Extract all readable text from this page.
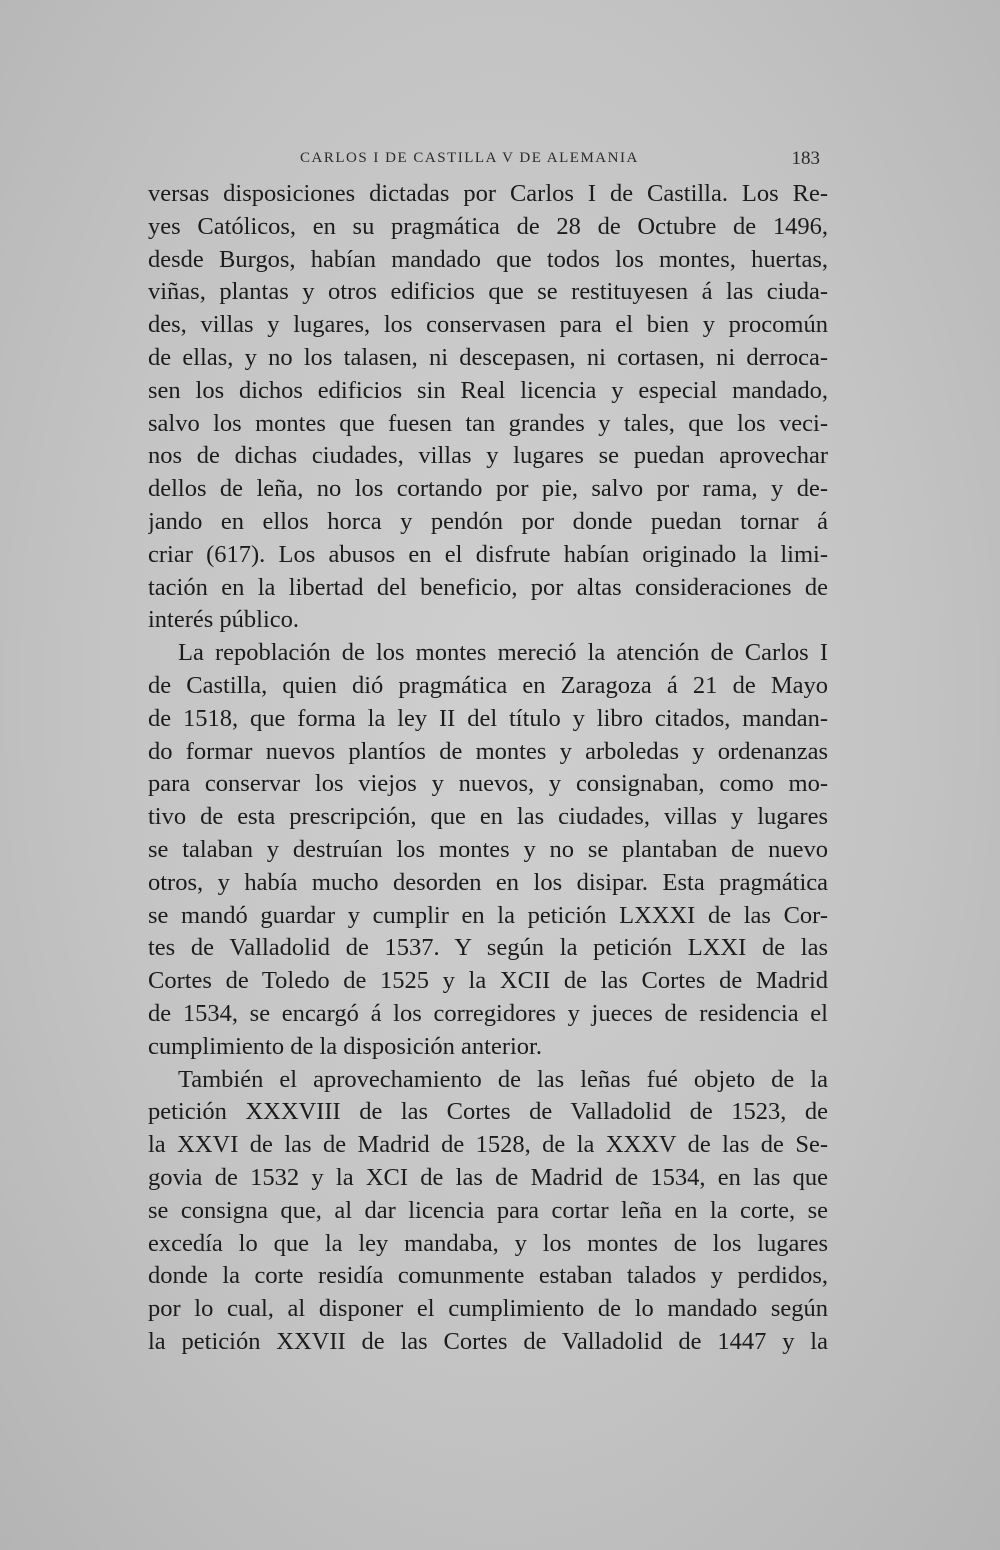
CARLOS I DE CASTILLA V DE ALEMANIA	183
versas disposiciones dictadas por Carlos I de Castilla. Los Re-
yes Católicos, en su pragmática de 28 de Octubre de 1496,
desde Burgos, habían mandado que todos los montes, huertas,
viñas, plantas y otros edificios que se restituyesen á las ciuda-
des, villas y lugares, los conservasen para el bien y procomún
de ellas, y no los talasen, ni descepasen, ni cortasen, ni derroca-
sen los dichos edificios sin Real licencia y especial mandado,
salvo los montes que fuesen tan grandes y tales, que los veci-
nos de dichas ciudades, villas y lugares se puedan aprovechar
dellos de leña, no los cortando por pie, salvo por rama, y de-
jando en ellos horca y pendón por donde puedan tornar á
criar (617). Los abusos en el disfrute habían originado la limi-
tación en la libertad del beneficio, por altas consideraciones de
interés público.
La repoblación de los montes mereció la atención de Carlos I
de Castilla, quien dió pragmática en Zaragoza á 21 de Mayo
de 1518, que forma la ley II del título y libro citados, mandan-
do formar nuevos plantíos de montes y arboledas y ordenanzas
para conservar los viejos y nuevos, y consignaban, como mo-
tivo de esta prescripción, que en las ciudades, villas y lugares
se talaban y destruían los montes y no se plantaban de nuevo
otros, y había mucho desorden en los disipar. Esta pragmática
se mandó guardar y cumplir en la petición LXXXI de las Cor-
tes de Valladolid de 1537. Y según la petición LXXI de las
Cortes de Toledo de 1525 y la XCII de las Cortes de Madrid
de 1534, se encargó á los corregidores y jueces de residencia el
cumplimiento de la disposición anterior.
También el aprovechamiento de las leñas fué objeto de la
petición XXXVIII de las Cortes de Valladolid de 1523, de
la XXVI de las de Madrid de 1528, de la XXXV de las de Se-
govia de 1532 y la XCI de las de Madrid de 1534, en las que
se consigna que, al dar licencia para cortar leña en la corte, se
excedía lo que la ley mandaba, y los montes de los lugares
donde la corte residía comunmente estaban talados y perdidos,
por lo cual, al disponer el cumplimiento de lo mandado según
la petición XXVII de las Cortes de Valladolid de 1447 y la
